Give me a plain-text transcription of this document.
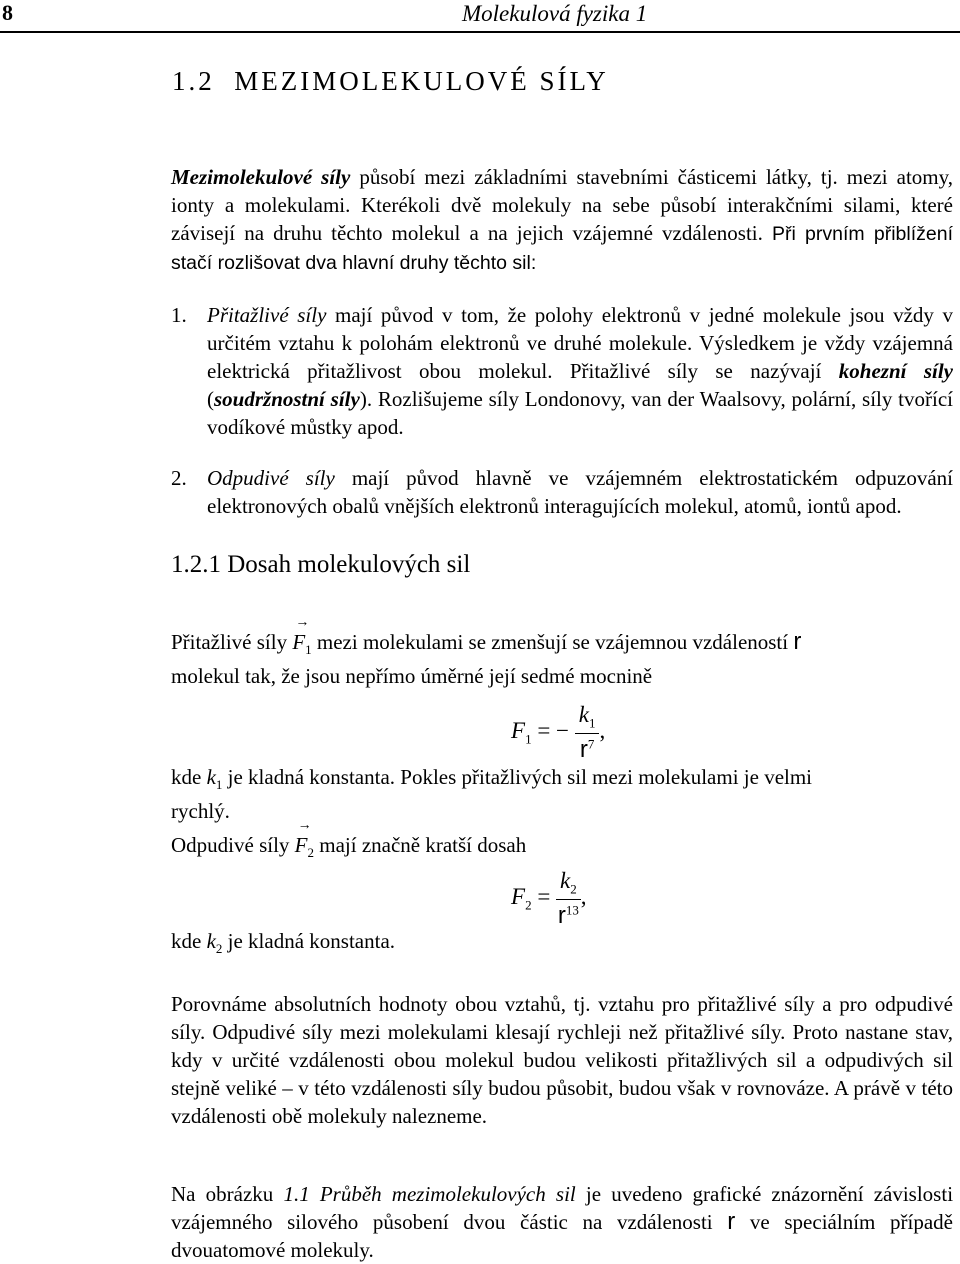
8	Molekulová fyzika 1
1.2 MEZIMOLEKULOVÉ SÍLY
Mezimolekulové síly působí mezi základními stavebními částicemi látky, tj. mezi atomy, ionty a molekulami. Kterékoli dvě molekuly na sebe působí interakčními silami, které závisejí na druhu těchto molekul a na jejich vzájemné vzdálenosti. Při prvním přiblížení stačí rozlišovat dva hlavní druhy těchto sil:
1. Přitažlivé síly mají původ v tom, že polohy elektronů v jedné molekule jsou vždy v určitém vztahu k polohám elektronů ve druhé molekule. Výsledkem je vždy vzájemná elektrická přitažlivost obou molekul. Přitažlivé síly se nazývají kohezní síly (soudržnostní síly). Rozlišujeme síly Londonovy, van der Waalsovy, polární, síly tvořící vodíkové můstky apod.
2. Odpudivé síly mají původ hlavně ve vzájemném elektrostatickém odpuzování elektronových obalů vnějších elektronů interagujících molekul, atomů, iontů apod.
1.2.1 Dosah molekulových sil
Přitažlivé síly → $F_1$ mezi molekulami se zmenšují se vzájemnou vzdáleností r
molekul tak, že jsou nepřímo úměrné její sedmé mocnině
$F_1$ = − $\frac{k_1}{r^7}$ ,
kde $k_1$ je kladná konstanta. Pokles přitažlivých sil mezi molekulami je velmi
rychlý.
Odpudivé síly → $F_2$ mají značně kratší dosah
$F_2 = \frac{k_2}{r^{13}}$ ,
kde $k_2$ je kladná konstanta.
Porovnáme absolutních hodnoty obou vztahů, tj. vztahu pro přitažlivé síly a pro odpudivé síly. Odpudivé síly mezi molekulami klesají rychleji než přitažlivé síly. Proto nastane stav, kdy v určité vzdálenosti obou molekul budou velikosti přitažlivých sil a odpudivých sil stejně veliké – v této vzdálenosti síly budou působit, budou však v rovnováze. A právě v této vzdálenosti obě molekuly nalezneme.
Na obrázku 1.1 Průběh mezimolekulových sil je uvedeno grafické znázornění závislosti vzájemného silového působení dvou částic na vzdálenosti r ve speciálním případě dvouatomové molekuly.
